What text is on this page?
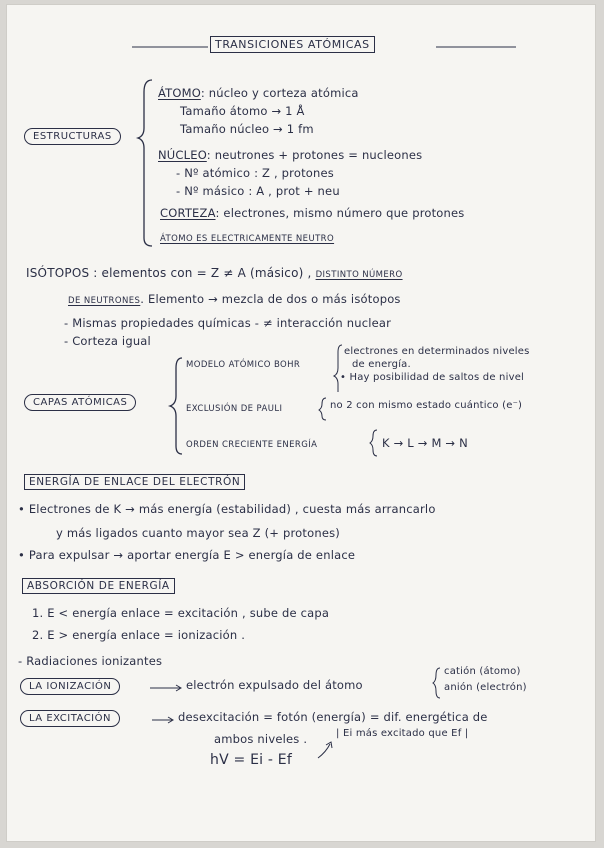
TRANSICIONES ATÓMICAS
ESTRUCTURAS
ÁTOMO: núcleo y corteza atómica
Tamaño átomo → 1 Å
Tamaño núcleo → 1 fm
NÚCLEO: neutrones + protones = nucleones
- Nº atómico : Z , protones
- Nº másico : A , prot + neu
CORTEZA: electrones, mismo número que protones
ÁTOMO ES ELECTRICAMENTE NEUTRO
ISÓTOPOS : elementos con = Z ≠ A (másico) , DISTINTO NÚMERO
DE NEUTRONES. Elemento → mezcla de dos o más isótopos
- Mismas propiedades químicas - ≠ interacción nuclear
- Corteza igual
CAPAS ATÓMICAS
MODELO ATÓMICO BOHR
electrones en determinados niveles
de energía.
• Hay posibilidad de saltos de nivel
EXCLUSIÓN DE PAULI	no 2 con mismo estado cuántico (e⁻)
ORDEN CRECIENTE ENERGÍA	K → L → M → N
ENERGÍA DE ENLACE DEL ELECTRÓN
• Electrones de K → más energía (estabilidad) , cuesta más arrancarlo
y más ligados cuanto mayor sea Z (+ protones)
• Para expulsar → aportar energía E > energía de enlace
ABSORCIÓN DE ENERGÍA
1. E < energía enlace = excitación , sube de capa
2. E > energía enlace = ionización .
- Radiaciones ionizantes
LA IONIZACIÓN	electrón expulsado del átomo
catión (átomo)
anión (electrón)
LA EXCITACIÓN	desexcitación = fotón (energía) = dif. energética de
ambos niveles .	| Ei más excitado que Ef |
hV = Ei - Ef
